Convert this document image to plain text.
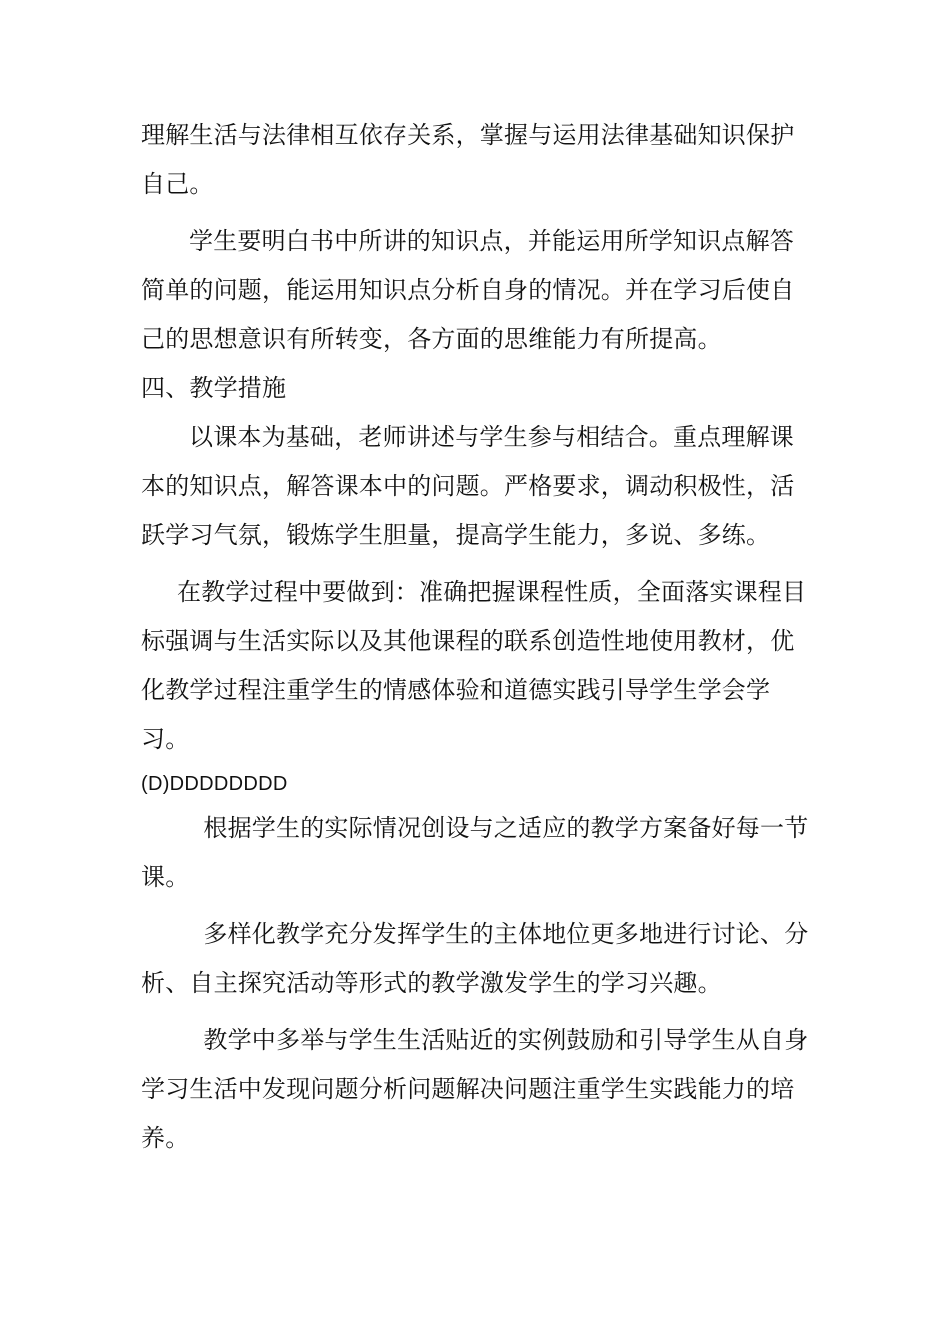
理解生活与法律相互依存关系，掌握与运用法律基础知识保护自己。

学生要明白书中所讲的知识点，并能运用所学知识点解答简单的问题，能运用知识点分析自身的情况。并在学习后使自己的思想意识有所转变，各方面的思维能力有所提高。

四、教学措施

以课本为基础，老师讲述与学生参与相结合。重点理解课本的知识点，解答课本中的问题。严格要求，调动积极性，活跃学习气氛，锻炼学生胆量，提高学生能力，多说、多练。

在教学过程中要做到：准确把握课程性质，全面落实课程目标强调与生活实际以及其他课程的联系创造性地使用教材，优化教学过程注重学生的情感体验和道德实践引导学生学会学习。

(D)DDDDDDDD

根据学生的实际情况创设与之适应的教学方案备好每一节课。

多样化教学充分发挥学生的主体地位更多地进行讨论、分析、自主探究活动等形式的教学激发学生的学习兴趣。

教学中多举与学生生活贴近的实例鼓励和引导学生从自身学习生活中发现问题分析问题解决问题注重学生实践能力的培养。
